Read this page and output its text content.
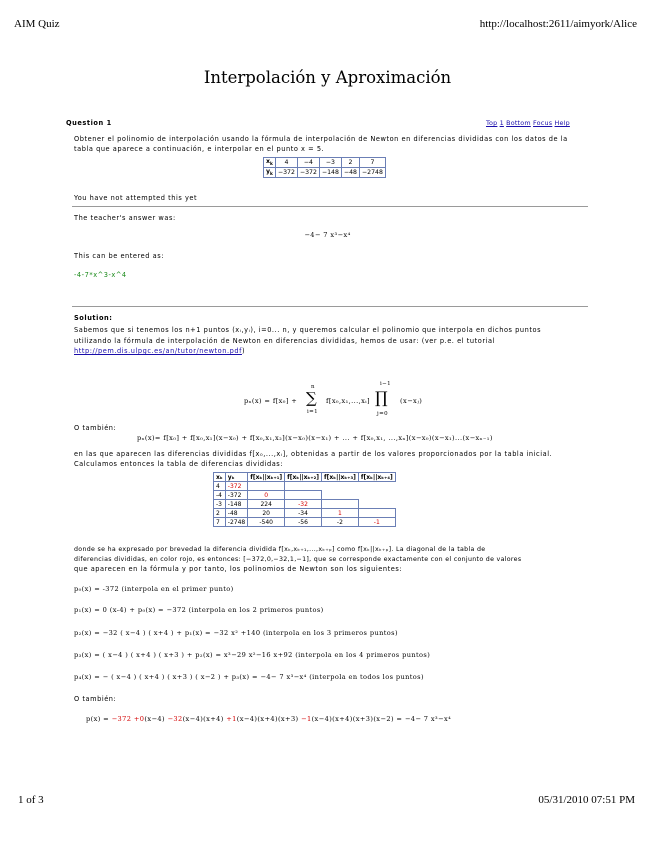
AIM Quiz	http://localhost:2611/aimyork/Alice
Interpolación y Aproximación
Question 1	Top 1 Bottom Focus Help
Obtener el polinomio de interpolación usando la fórmula de interpolación de Newton en diferencias divididas con los datos de la
tabla que aparece a continuación, e interpolar en el punto x = 5.
$x_k$	4	−4	−3	2	7
$y_k$	−372	−372	−148	−48	−2748
You have not attempted this yet
The teacher's answer was:
−4− 7 x³−x⁴
This can be entered as:
-4-7*x^3-x^4
Solution:
Sabemos que si tenemos los n+1 puntos (xᵢ,yᵢ), i=0... n, y queremos calcular el polinomio que interpola en dichos puntos
utilizando la fórmula de interpolación de Newton en diferencias divididas, hemos de usar: (ver p.e. el tutorial
http://pem.dis.ulpgc.es/an/tutor/newton.pdf)
pₙ(x) = f[x₀] +
n
∑
i=1
f[x₀,x₁,...,xᵢ]
i−1
∏
j=0
(x−xⱼ)
O también:
pₙ(x)= f[x₀] + f[x₀,x₁](x−x₀) + f[x₀,x₁,x₂](x−x₀)(x−x₁) + ... + f[x₀,x₁, ...,xₙ](x−x₀)(x−x₁)...(x−xₙ₋₁)
en las que aparecen las diferencias divididas f[x₀,...,xᵢ], obtenidas a partir de los valores proporcionados por la tabla inicial.
Calculamos entonces la tabla de diferencias divididas:
xₖ	yₖ	f[xₖ||xₖ₊₁]	f[xₖ||xₖ₊₂]	f[xₖ||xₖ₊₃]	f[xₖ||xₖ₊₄]
4	-372				
-4	-372	0			
-3	-148	224	-32		
2	-48	20	-34	1	
7	-2748	-540	-56	-2	-1
donde se ha expresado por brevedad la diferencia dividida f[xₖ,xₖ₊₁,...,xₖ₊ₚ] como f[xₖ||xₖ₊ₚ]. La diagonal de la tabla de
diferencias divididas, en color rojo, es entonces: [−372,0,−32,1,−1], que se corresponde exactamente con el conjunto de valores
que aparecen en la fórmula y por tanto, los polinomios de Newton son los siguientes:
p₀(x) = -372 (interpola en el primer punto)
p₁(x) = 0 (x-4) + p₀(x) = −372 (interpola en los 2 primeros puntos)
p₂(x) = −32 ( x−4 ) ( x+4 ) + p₁(x) = −32 x² +140 (interpola en los 3 primeros puntos)
p₃(x) = ( x−4 ) ( x+4 ) ( x+3 ) + p₂(x) = x³−29 x²−16 x+92 (interpola en los 4 primeros puntos)
p₄(x) = − ( x−4 ) ( x+4 ) ( x+3 ) ( x−2 ) + p₃(x) = −4− 7 x³−x⁴ (interpola en todos los puntos)
O también:
p(x) = −372 +0(x−4) −32(x−4)(x+4) +1(x−4)(x+4)(x+3) −1(x−4)(x+4)(x+3)(x−2) = −4− 7 x³−x⁴
1 of 3	05/31/2010 07:51 PM
